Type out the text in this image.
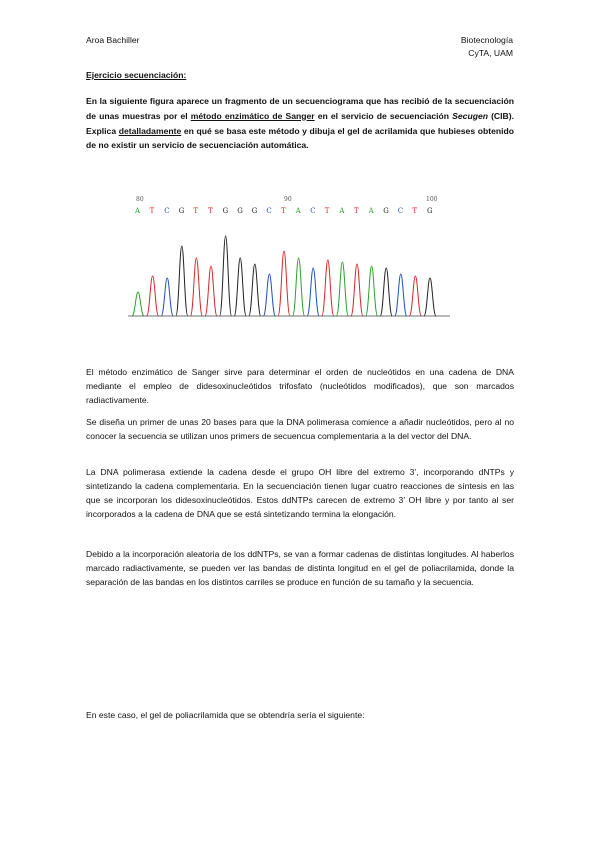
Aroa Bachiller	Biotecnología
CyTA, UAM
Ejercicio secuenciación:
En la siguiente figura aparece un fragmento de un secuenciograma que has recibió de la secuenciación de unas muestras por el método enzimático de Sanger en el servicio de secuenciación Secugen (CIB). Explica detalladamente en qué se basa este método y dibuja el gel de acrilamida que hubieses obtenido de no existir un servicio de secuenciación automática.
80	90	100
A T C G T T G G G C T A C T A T A G C T G
El método enzimático de Sanger sirve para determinar el orden de nucleótidos en una cadena de DNA mediante el empleo de didesoxinucleótidos trifosfato (nucleótidos modificados), que son marcados radiactivamente.
Se diseña un primer de unas 20 bases para que la DNA polimerasa comience a añadir nucleótidos, pero al no conocer la secuencia se utilizan unos primers de secuencua complementaria a la del vector del DNA.
La DNA polimerasa extiende la cadena desde el grupo OH libre del extremo 3’, incorporando dNTPs y sintetizando la cadena complementaria. En la secuenciación tienen lugar cuatro reacciones de síntesis en las que se incorporan los didesoxinucleótidos. Estos ddNTPs carecen de extremo 3’ OH libre y por tanto al ser incorporados a la cadena de DNA que se está sintetizando termina la elongación.
Debido a la incorporación aleatoria de los ddNTPs, se van a formar cadenas de distintas longitudes. Al haberlos marcado radiactivamente, se pueden ver las bandas de distinta longitud en el gel de poliacrilamida, donde la separación de las bandas en los distintos carriles se produce en función de su tamaño y la secuencia.
En este caso, el gel de poliacrilamida que se obtendría sería el siguiente:
